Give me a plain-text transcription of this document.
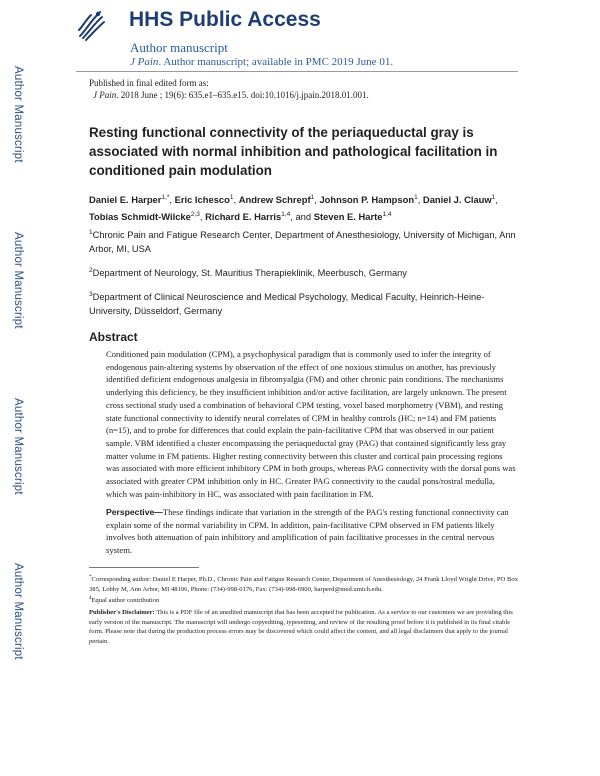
Author Manuscript
Author Manuscript
Author Manuscript
Author Manuscript
HHS Public Access
Author manuscript
J Pain. Author manuscript; available in PMC 2019 June 01.
Published in final edited form as:
J Pain. 2018 June ; 19(6): 635.e1–635.e15. doi:10.1016/j.jpain.2018.01.001.
Resting functional connectivity of the periaqueductal gray is associated with normal inhibition and pathological facilitation in conditioned pain modulation
Daniel E. Harper$^{1,*}$, Eric Ichesco$^1$, Andrew Schrepf$^1$, Johnson P. Hampson$^1$, Daniel J. Clauw$^1$, Tobias Schmidt-Wilcke$^{2,3}$, Richard E. Harris$^{1,4}$, and Steven E. Harte$^{1,4}$
$^1$Chronic Pain and Fatigue Research Center, Department of Anesthesiology, University of Michigan, Ann Arbor, MI, USA
$^2$Department of Neurology, St. Mauritius Therapieklinik, Meerbusch, Germany
$^3$Department of Clinical Neuroscience and Medical Psychology, Medical Faculty, Heinrich-Heine-University, Düsseldorf, Germany
Abstract

Conditioned pain modulation (CPM), a psychophysical paradigm that is commonly used to infer the integrity of endogenous pain-altering systems by observation of the effect of one noxious stimulus on another, has previously identified deficient endogenous analgesia in fibromyalgia (FM) and other chronic pain conditions. The mechanisms underlying this deficiency, be they insufficient inhibition and/or active facilitation, are largely unknown. The present cross sectional study used a combination of behavioral CPM testing, voxel based morphometry (VBM), and resting state functional connectivity to identify neural correlates of CPM in healthy controls (HC; n=14) and FM patients (n=15), and to probe for differences that could explain the pain-facilitative CPM that was observed in our patient sample. VBM identified a cluster encompassing the periaqueductal gray (PAG) that contained significantly less gray matter volume in FM patients. Higher resting connectivity between this cluster and cortical pain processing regions was associated with more efficient inhibitory CPM in both groups, whereas PAG connectivity with the dorsal pons was associated with greater CPM inhibition only in HC. Greater PAG connectivity to the caudal pons/rostral medulla, which was pain-inhibitory in HC, was associated with pain facilitation in FM.

Perspective—These findings indicate that variation in the strength of the PAG's resting functional connectivity can explain some of the normal variability in CPM. In addition, pain-facilitative CPM observed in FM patients likely involves both attenuation of pain inhibitory and amplification of pain facilitative processes in the central nervous system.

*Corresponding author: Daniel E Harper, Ph.D., Chronic Pain and Fatigue Research Center, Department of Anesthesiology, 24 Frank Lloyd Wright Drive, PO Box 385, Lobby M, Ann Arbor, MI 48106, Phone: (734)-998-0176, Fax: (734)-998-6900, harperd@med.umich.edu.
$^4$Equal author contribution
Publisher's Disclaimer: This is a PDF file of an unedited manuscript that has been accepted for publication. As a service to our customers we are providing this early version of the manuscript. The manuscript will undergo copyediting, typesetting, and review of the resulting proof before it is published in its final citable form. Please note that during the production process errors may be discovered which could affect the content, and all legal disclaimers that apply to the journal pertain.
